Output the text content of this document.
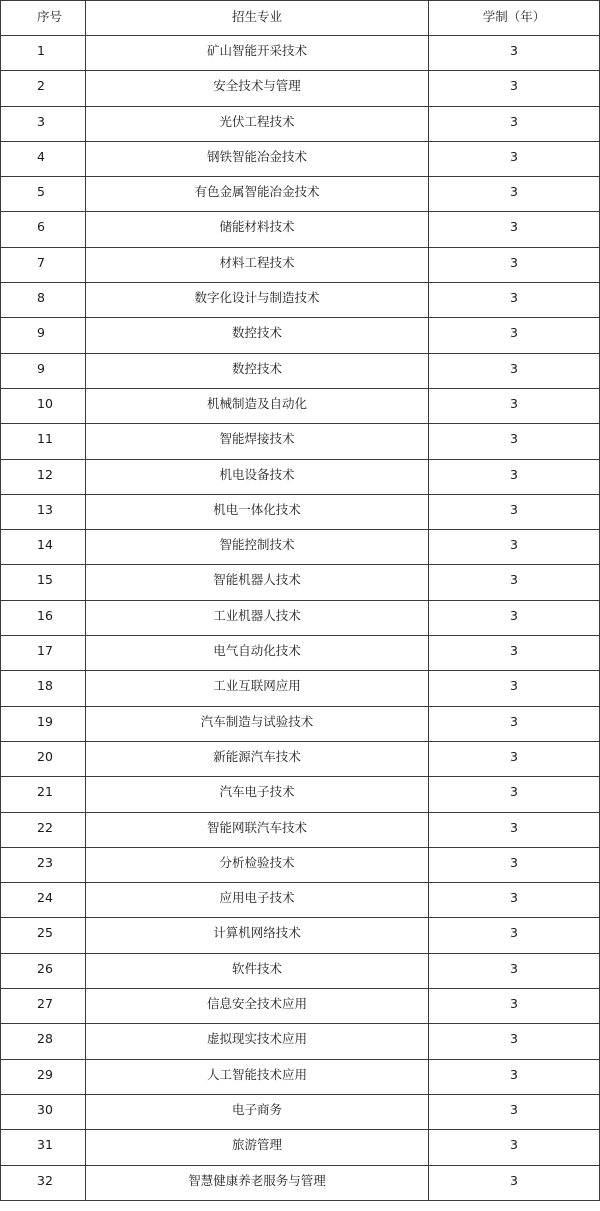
序号	招生专业	学制（年）
1	矿山智能开采技术	3
2	安全技术与管理	3
3	光伏工程技术	3
4	钢铁智能冶金技术	3
5	有色金属智能冶金技术	3
6	储能材料技术	3
7	材料工程技术	3
8	数字化设计与制造技术	3
9	数控技术	3
9	数控技术	3
10	机械制造及自动化	3
11	智能焊接技术	3
12	机电设备技术	3
13	机电一体化技术	3
14	智能控制技术	3
15	智能机器人技术	3
16	工业机器人技术	3
17	电气自动化技术	3
18	工业互联网应用	3
19	汽车制造与试验技术	3
20	新能源汽车技术	3
21	汽车电子技术	3
22	智能网联汽车技术	3
23	分析检验技术	3
24	应用电子技术	3
25	计算机网络技术	3
26	软件技术	3
27	信息安全技术应用	3
28	虚拟现实技术应用	3
29	人工智能技术应用	3
30	电子商务	3
31	旅游管理	3
32	智慧健康养老服务与管理	3
